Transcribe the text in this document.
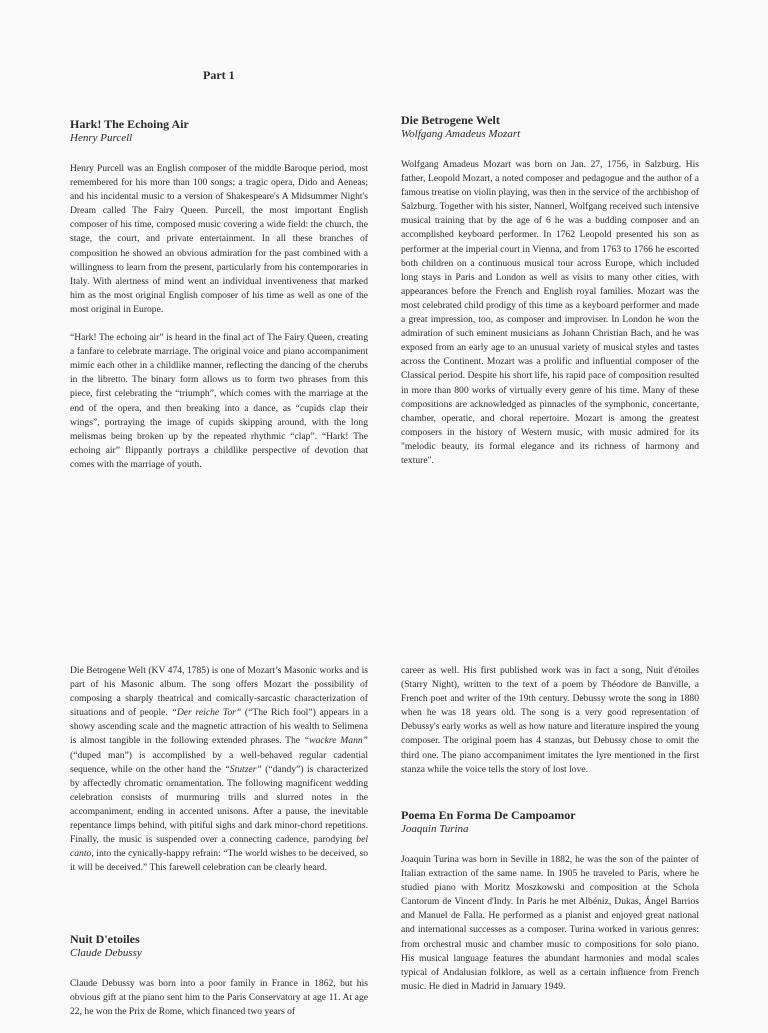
Part 1
Hark! The Echoing Air
Henry Purcell

Henry Purcell was an English composer of the middle Baroque period, most remembered for his more than 100 songs; a tragic opera, Dido and Aeneas; and his incidental music to a version of Shakespeare's A Midsummer Night's Dream called The Fairy Queen. Purcell, the most important English composer of his time, composed music covering a wide field: the church, the stage, the court, and private entertainment. In all these branches of composition he showed an obvious admiration for the past combined with a willingness to learn from the present, particularly from his contemporaries in Italy. With alertness of mind went an individual inventiveness that marked him as the most original English composer of his time as well as one of the most original in Europe.

“Hark! The echoing air” is heard in the final act of The Fairy Queen, creating a fanfare to celebrate marriage. The original voice and piano accompaniment mimic each other in a childlike manner, reflecting the dancing of the cherubs in the libretto. The binary form allows us to form two phrases from this piece, first celebrating the “triumph”, which comes with the marriage at the end of the opera, and then breaking into a dance, as “cupids clap their wings”, portraying the image of cupids skipping around, with the long melismas being broken up by the repeated rhythmic “clap”. “Hark! The echoing air” flippantly portrays a childlike perspective of devotion that comes with the marriage of youth.

Die Betrogene Welt
Wolfgang Amadeus Mozart

Wolfgang Amadeus Mozart was born on Jan. 27, 1756, in Salzburg. His father, Leopold Mozart, a noted composer and pedagogue and the author of a famous treatise on violin playing, was then in the service of the archbishop of Salzburg. Together with his sister, Nannerl, Wolfgang received such intensive musical training that by the age of 6 he was a budding composer and an accomplished keyboard performer. In 1762 Leopold presented his son as performer at the imperial court in Vienna, and from 1763 to 1766 he escorted both children on a continuous musical tour across Europe, which included long stays in Paris and London as well as visits to many other cities, with appearances before the French and English royal families. Mozart was the most celebrated child prodigy of this time as a keyboard performer and made a great impression, too, as composer and improviser. In London he won the admiration of such eminent musicians as Johann Christian Bach, and he was exposed from an early age to an unusual variety of musical styles and tastes across the Continent. Mozart was a prolific and influential composer of the Classical period. Despite his short life, his rapid pace of composition resulted in more than 800 works of virtually every genre of his time. Many of these compositions are acknowledged as pinnacles of the symphonic, concertante, chamber, operatic, and choral repertoire. Mozart is among the greatest composers in the history of Western music, with music admired for its "melodic beauty, its formal elegance and its richness of harmony and texture".

Die Betrogene Welt (KV 474, 1785) is one of Mozart’s Masonic works and is part of his Masonic album. The song offers Mozart the possibility of composing a sharply theatrical and comically-sarcastic characterization of situations and of people. “Der reiche Tor” (“The Rich fool”) appears in a showy ascending scale and the magnetic attraction of his wealth to Selimena is almost tangible in the following extended phrases. The “wackre Mann” (“duped man”) is accomplished by a well-behaved regular cadential sequence, while on the other hand the “Stutzer” (“dandy”) is characterized by affectedly chromatic ornamentation. The following magnificent wedding celebration consists of murmuring trills and slurred notes in the accompaniment, ending in accented unisons. After a pause, the inevitable repentance limps behind, with pitiful sighs and dark minor-chord repetitions. Finally, the music is suspended over a connecting cadence, parodying bel canto, into the cynically-happy refrain: “The world wishes to be deceived, so it will be deceived.” This farewell celebration can be clearly heard.

Nuit D'etoiles
Claude Debussy

Claude Debussy was born into a poor family in France in 1862, but his obvious gift at the piano sent him to the Paris Conservatory at age 11. At age 22, he won the Prix de Rome, which financed two years of

career as well. His first published work was in fact a song, Nuit d'étoiles (Starry Night), written to the text of a poem by Théodore de Banville, a French poet and writer of the 19th century. Debussy wrote the song in 1880 when he was 18 years old. The song is a very good representation of Debussy's early works as well as how nature and literature inspired the young composer. The original poem has 4 stanzas, but Debussy chose to omit the third one. The piano accompaniment imitates the lyre mentioned in the first stanza while the voice tells the story of lost love.

Poema En Forma De Campoamor
Joaquin Turina

Joaquin Turina was born in Seville in 1882, he was the son of the painter of Italian extraction of the same name. In 1905 he traveled to Paris, where he studied piano with Moritz Moszkowski and composition at the Schola Cantorum de Vincent d'Indy. In Paris he met Albéniz, Dukas, Ángel Barrios and Manuel de Falla. He performed as a pianist and enjoyed great national and international successes as a composer. Turina worked in various genres: from orchestral music and chamber music to compositions for solo piano. His musical language features the abundant harmonies and modal scales typical of Andalusian folklore, as well as a certain influence from French music. He died in Madrid in January 1949.
